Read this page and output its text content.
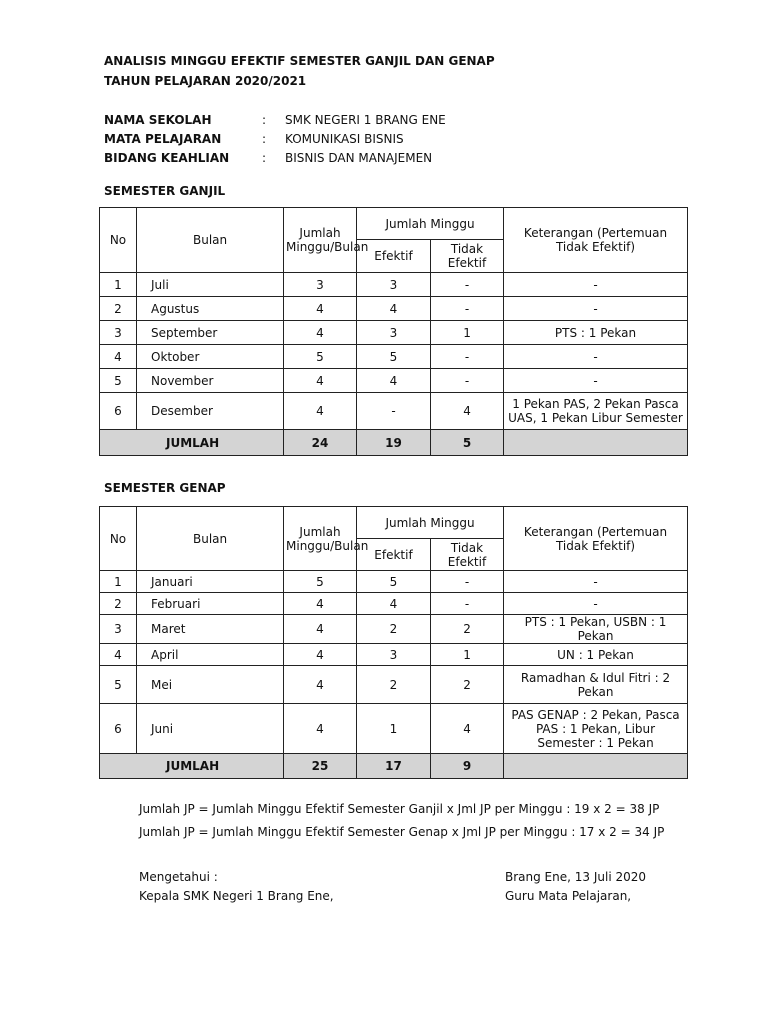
ANALISIS MINGGU EFEKTIF SEMESTER GANJIL DAN GENAP
TAHUN PELAJARAN 2020/2021
NAMA SEKOLAH	: SMK NEGERI 1 BRANG ENE
MATA PELAJARAN	: KOMUNIKASI BISNIS
BIDANG KEAHLIAN	: BISNIS DAN MANAJEMEN
SEMESTER GANJIL
No	Bulan	Jumlah Minggu/Bulan	Jumlah Minggu		Keterangan (Pertemuan Tidak Efektif)
			Efektif	Tidak Efektif	
1	Juli	3	3	-	-
2	Agustus	4	4	-	-
3	September	4	3	1	PTS : 1 Pekan
4	Oktober	5	5	-	-
5	November	4	4	-	-
6	Desember	4	-	4	1 Pekan PAS, 2 Pekan Pasca UAS, 1 Pekan Libur Semester
JUMLAH		24	19	5	
SEMESTER GENAP
No	Bulan	Jumlah Minggu/Bulan	Jumlah Minggu		Keterangan (Pertemuan Tidak Efektif)
			Efektif	Tidak Efektif	
1	Januari	5	5	-	-
2	Februari	4	4	-	-
3	Maret	4	2	2	PTS : 1 Pekan, USBN : 1 Pekan
4	April	4	3	1	UN : 1 Pekan
5	Mei	4	2	2	Ramadhan & Idul Fitri : 2 Pekan
6	Juni	4	1	4	PAS GENAP : 2 Pekan, Pasca PAS : 1 Pekan, Libur Semester : 1 Pekan
JUMLAH		25	17	9	
Jumlah JP = Jumlah Minggu Efektif Semester Ganjil x Jml JP per Minggu : 19 x 2 = 38 JP
Jumlah JP = Jumlah Minggu Efektif Semester Genap x Jml JP per Minggu : 17 x 2 = 34 JP
Mengetahui :
Kepala SMK Negeri 1 Brang Ene,
Brang Ene, 13 Juli 2020
Guru Mata Pelajaran,
